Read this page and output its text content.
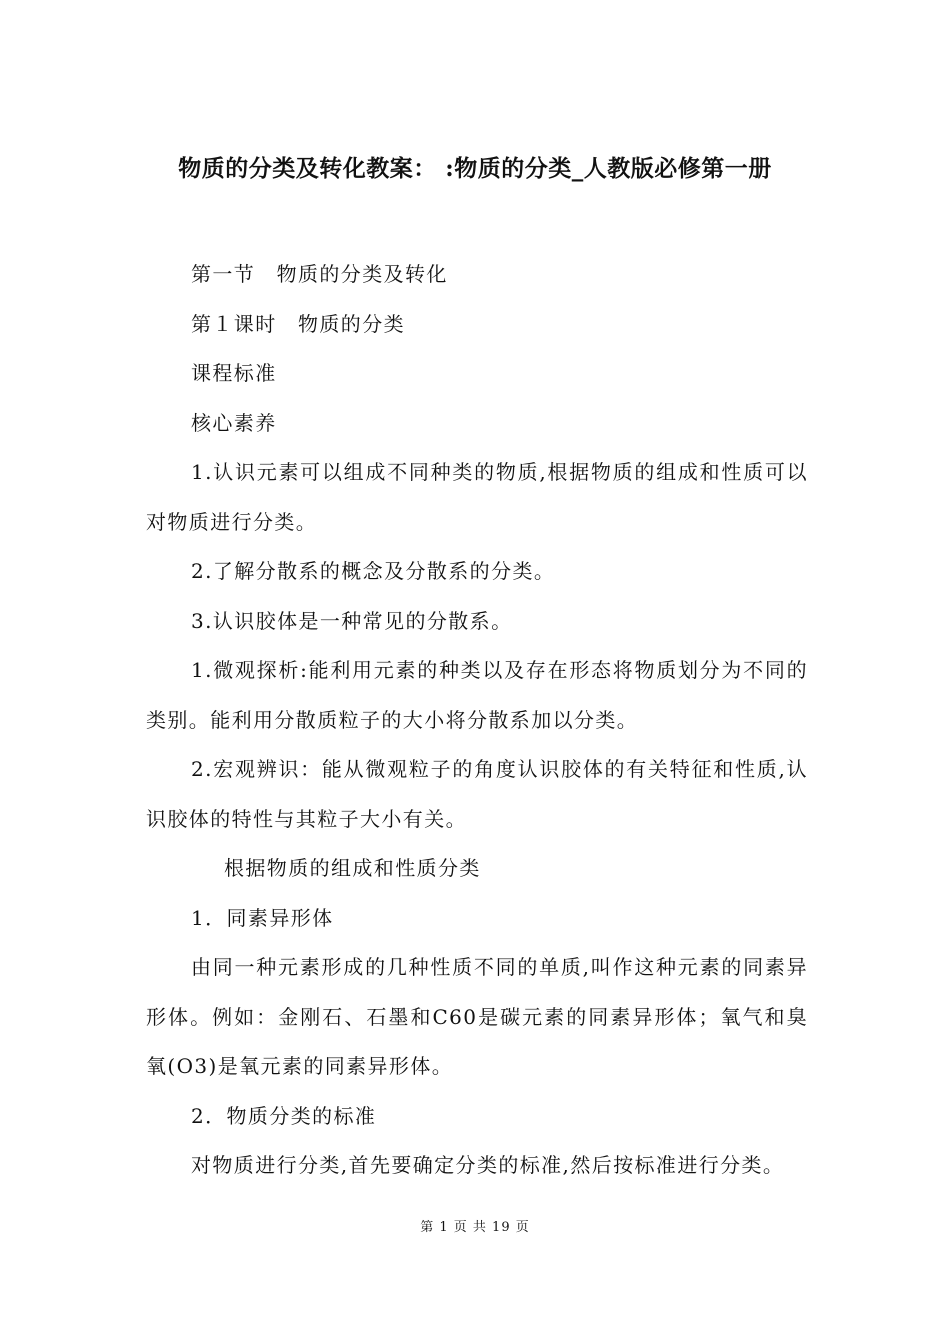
物质的分类及转化教案： :物质的分类_人教版必修第一册

第一节　物质的分类及转化

第１课时　物质的分类

课程标准

核心素养

1.认识元素可以组成不同种类的物质,根据物质的组成和性质可以对物质进行分类。

2.了解分散系的概念及分散系的分类。

3.认识胶体是一种常见的分散系。

1.微观探析:能利用元素的种类以及存在形态将物质划分为不同的类别。能利用分散质粒子的大小将分散系加以分类。

2.宏观辨识：能从微观粒子的角度认识胶体的有关特征和性质,认识胶体的特性与其粒子大小有关。

根据物质的组成和性质分类

1．同素异形体

由同一种元素形成的几种性质不同的单质,叫作这种元素的同素异形体。例如：金刚石、石墨和C60是碳元素的同素异形体；氧气和臭氧(O3)是氧元素的同素异形体。

2．物质分类的标准

对物质进行分类,首先要确定分类的标准,然后按标准进行分类。

第 1 页 共 19 页
